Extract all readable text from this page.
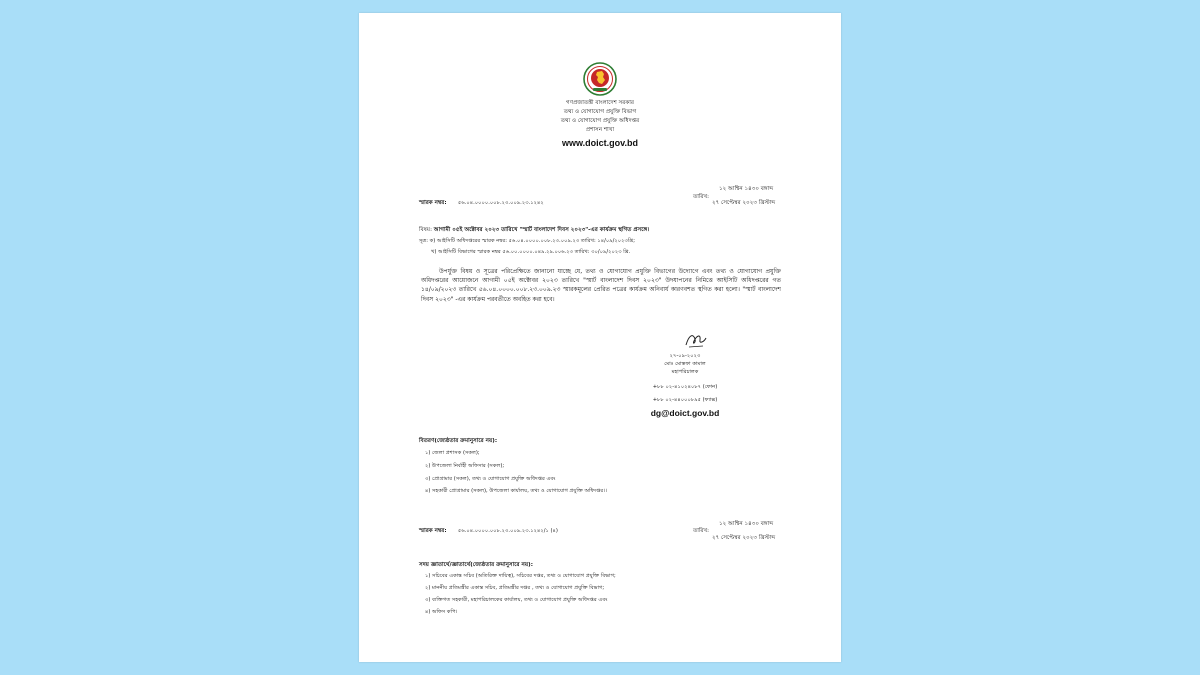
গণপ্রজাতন্ত্রী বাংলাদেশ সরকার
তথ্য ও যোগাযোগ প্রযুক্তি বিভাগ
তথ্য ও যোগাযোগ প্রযুক্তি অধিদপ্তর
প্রশাসন শাখা
www.doict.gov.bd
১২ আশ্বিন ১৪৩০ বঙ্গাব্দ
স্মারক নম্বর: ৫৬.০৪.০০০০.০০৮.২৩.০০৯.২৩.১২৪২
তারিখ:
২৭ সেপ্টেম্বর ২০২৩ খ্রিস্টাব্দ
বিষয়: আগামী ০৫ই অক্টোবর ২০২৩ তারিখে "স্মার্ট বাংলাদেশ দিবস ২০২৩"-এর কার্যক্রম স্থগিত প্রসঙ্গে।
সূত্র: ক) আইসিটি অধিদপ্তরের স্মারক নম্বর: ৫৬.০৪.০০০০.০০৮.২৩.০০৯.২৩ তারিখ: ১৪/০৯/২০২৩খ্রি;
খ) আইসিটি বিভাগের স্মারক নম্বর ৫৬.০০.০০০০.০৪৯.২৯.০০৬.২৩ তারিখ: ৩০/০৯/২০২৩ খ্রি.
উপর্যুক্ত বিষয় ও সূত্রের পরিপ্রেক্ষিতে জানানো যাচ্ছে যে, তথ্য ও যোগাযোগ প্রযুক্তি বিভাগের উদ্যোগে এবং তথ্য ও যোগাযোগ প্রযুক্তি অধিদপ্তরের আয়োজনে আগামী ০৫ই অক্টোবর ২০২৩ তারিখে "স্মার্ট বাংলাদেশ দিবস ২০২৩" উদযাপনের নিমিত্তে আইসিটি অধিদপ্তরের গত ১৪/০৯/২০২৩ তারিখে ৫৬.০৪.০০০০.০০৮.২৩.০০৯.২৩ স্মারকমূলের প্রেরিত পত্রের কার্যক্রম অনিবার্য কারণবশত স্থগিত করা হলো। "স্মার্ট বাংলাদেশ দিবস ২০২৩" -এর কার্যক্রম পরবর্তীতে অবহিত করা হবে।
২৭-০৯-২০২৩
মোঃ মোস্তফা কামাল
মহাপরিচালক
+৮৮ ০২-৪১০২৪০৮৭ (ফোন)
+৮৮ ০২-৪৪০০০৮৯৫ (ফ্যাক্স)
dg@doict.gov.bd
বিতরণ(জ্যেষ্ঠতার ক্রমানুসারে নয়):
১) জেলা প্রশাসক (সকল);
২) উপজেলা নির্বাহী অফিসার (সকল);
৩) প্রোগ্রামার (সকল), তথ্য ও যোগাযোগ প্রযুক্তি অধিদপ্তর এবং
৪) সহকারী প্রোগ্রামার (সকল), উপজেলা কার্যালয়, তথ্য ও যোগাযোগ প্রযুক্তি অধিদপ্তর।।
১২ আশ্বিন ১৪৩০ বঙ্গাব্দ
স্মারক নম্বর: ৫৬.০৪.০০০০.০০৮.২৩.০০৯.২৩.১২৪২/১ (৪)	তারিখ:
২৭ সেপ্টেম্বর ২০২৩ খ্রিস্টাব্দ
সদয় জ্ঞাতার্থে/জ্ঞাতার্থে(জ্যেষ্ঠতার ক্রমানুসারে নয়):
১) সচিবের একান্ত সচিব (অতিরিক্ত দায়িত্ব), সচিবের দপ্তর, তথ্য ও যোগাযোগ প্রযুক্তি বিভাগ;
২) মাননীয় প্রতিমন্ত্রীর একান্ত সচিব, প্রতিমন্ত্রীর দপ্তর , তথ্য ও যোগাযোগ প্রযুক্তি বিভাগ;
৩) ব্যক্তিগত সহকারী, মহাপরিচালকের কার্যালয়, তথ্য ও যোগাযোগ প্রযুক্তি অধিদপ্তর এবং
৪) অফিস কপি।
